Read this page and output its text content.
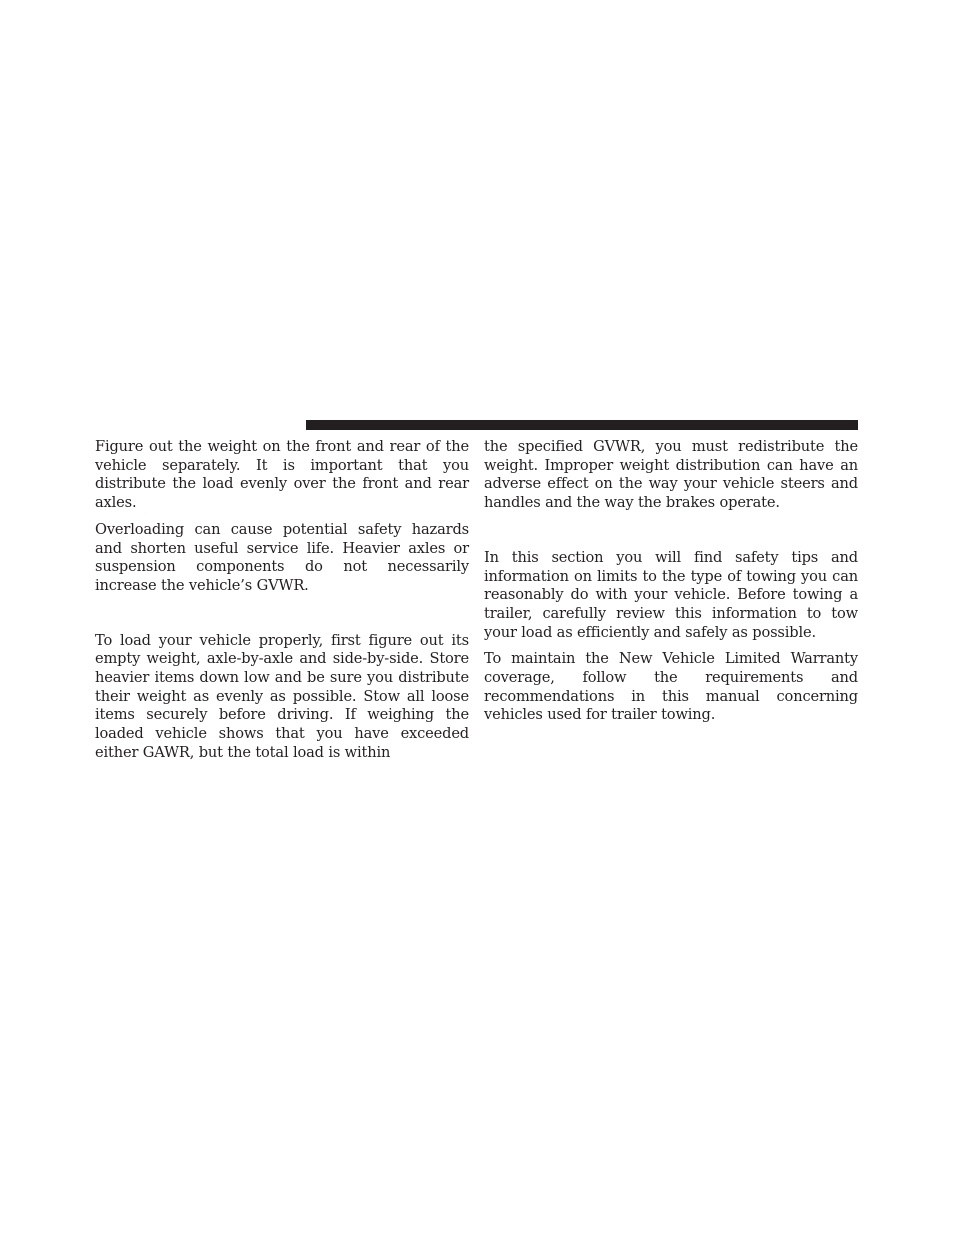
Figure out the weight on the front and rear of the vehicle separately. It is important that you distribute the load evenly over the front and rear axles.

Overloading can cause potential safety hazards and shorten useful service life. Heavier axles or suspension components do not necessarily increase the vehicle’s GVWR.

To load your vehicle properly, first figure out its empty weight, axle-by-axle and side-by-side. Store heavier items down low and be sure you distribute their weight as evenly as possible. Stow all loose items securely before driving. If weighing the loaded vehicle shows that you have exceeded either GAWR, but the total load is within

the specified GVWR, you must redistribute the weight. Improper weight distribution can have an adverse effect on the way your vehicle steers and handles and the way the brakes operate.

In this section you will find safety tips and information on limits to the type of towing you can reasonably do with your vehicle. Before towing a trailer, carefully review this information to tow your load as efficiently and safely as possible.

To maintain the New Vehicle Limited Warranty coverage, follow the requirements and recommendations in this manual concerning vehicles used for trailer towing.
